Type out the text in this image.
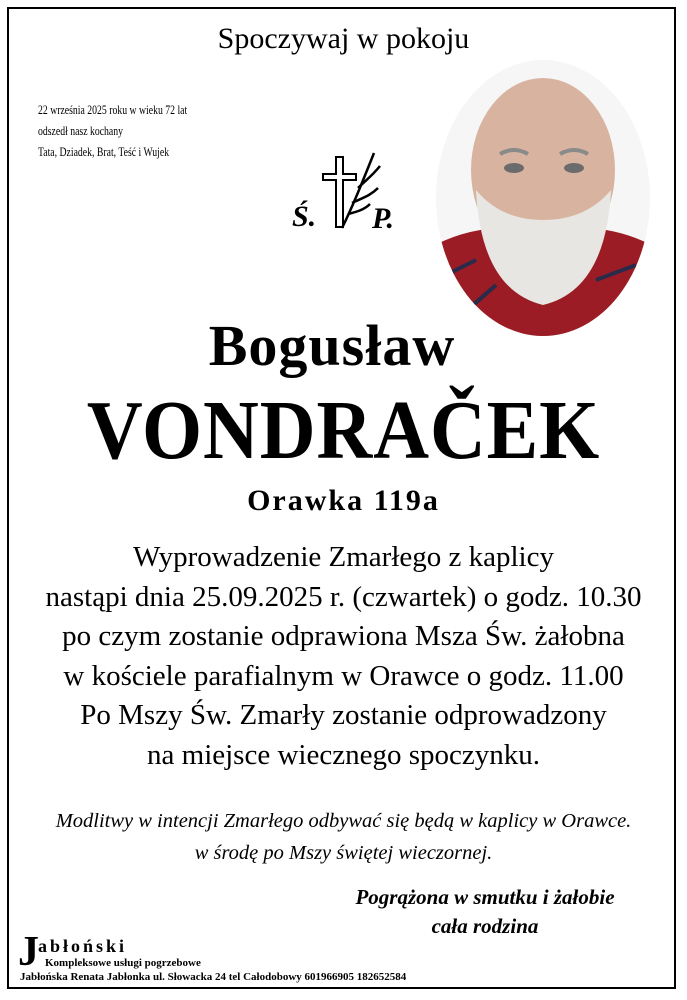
Spoczywaj w pokoju
22 września 2025 roku w wieku 72 lat
odszedł nasz kochany
Tata, Dziadek, Brat, Teść i Wujek
Ś. P.
Bogusław
VONDRAČEK
Orawka 119a
Wyprowadzenie Zmarłego z kaplicy
nastąpi dnia 25.09.2025 r. (czwartek) o godz. 10.30
po czym zostanie odprawiona Msza Św. żałobna
w kościele parafialnym w Orawce o godz. 11.00
Po Mszy Św. Zmarły zostanie odprowadzony
na miejsce wiecznego spoczynku.
Modlitwy w intencji Zmarłego odbywać się będą w kaplicy w Orawce.
w środę po Mszy świętej wieczornej.
Pogrążona w smutku i żałobie
cała rodzina
J abłoński
Kompleksowe usługi pogrzebowe
Jabłońska Renata Jabłonka ul. Słowacka 24 tel Całodobowy 601966905 182652584
